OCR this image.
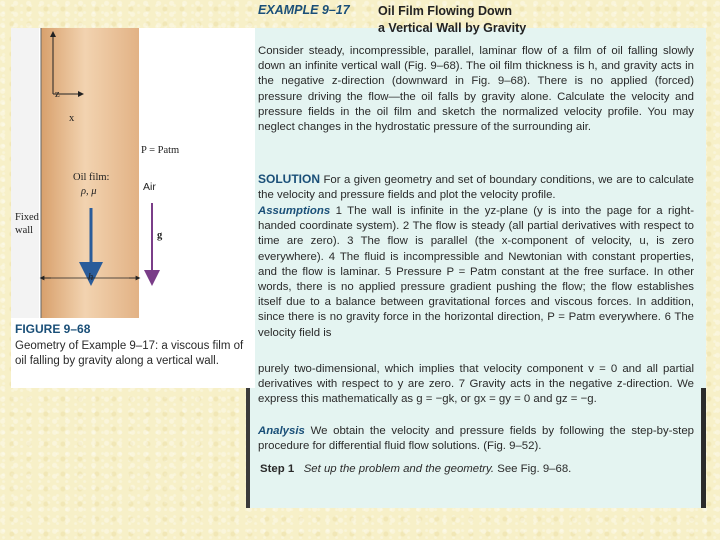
z
x
P = Patm
Air
Oil film:
ρ, μ
Fixed
wall
h
g
FIGURE 9–68
Geometry of Example 9–17: a viscous film of oil falling by gravity along a vertical wall.
EXAMPLE 9–17 Oil Film Flowing Down
a Vertical Wall by Gravity
Consider steady, incompressible, parallel, laminar flow of a film of oil falling slowly down an infinite vertical wall (Fig. 9–68). The oil film thickness is h, and gravity acts in the negative z-direction (downward in Fig. 9–68). There is no applied (forced) pressure driving the flow—the oil falls by gravity alone. Calculate the velocity and pressure fields in the oil film and sketch the normalized velocity profile. You may neglect changes in the hydrostatic pressure of the surrounding air.
SOLUTION For a given geometry and set of boundary conditions, we are to calculate the velocity and pressure fields and plot the velocity profile.
Assumptions 1 The wall is infinite in the yz-plane (y is into the page for a right-handed coordinate system). 2 The flow is steady (all partial derivatives with respect to time are zero). 3 The flow is parallel (the x-component of velocity, u, is zero everywhere). 4 The fluid is incompressible and Newtonian with constant properties, and the flow is laminar. 5 Pressure P = Patm constant at the free surface. In other words, there is no applied pressure gradient pushing the flow; the flow establishes itself due to a balance between gravitational forces and viscous forces. In addition, since there is no gravity force in the horizontal direction, P = Patm everywhere. 6 The velocity field is
purely two-dimensional, which implies that velocity component v = 0 and all partial derivatives with respect to y are zero. 7 Gravity acts in the negative z-direction. We express this mathematically as g = −gk, or gx = gy = 0 and gz = −g.
Analysis We obtain the velocity and pressure fields by following the step-by-step procedure for differential fluid flow solutions. (Fig. 9–52).
Step 1 Set up the problem and the geometry. See Fig. 9–68.
